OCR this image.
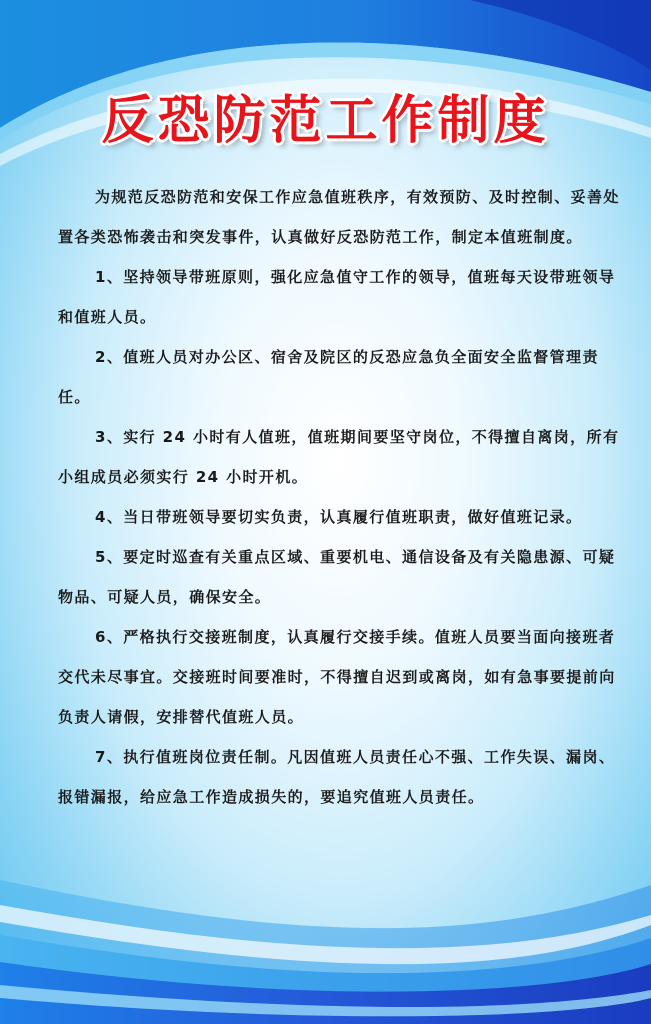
反恐防范工作制度

为规范反恐防范和安保工作应急值班秩序，有效预防、及时控制、妥善处置各类恐怖袭击和突发事件，认真做好反恐防范工作，制定本值班制度。

1、坚持领导带班原则，强化应急值守工作的领导，值班每天设带班领导和值班人员。

2、值班人员对办公区、宿舍及院区的反恐应急负全面安全监督管理责任。

3、实行 24 小时有人值班，值班期间要坚守岗位，不得擅自离岗，所有小组成员必须实行 24 小时开机。

4、当日带班领导要切实负责，认真履行值班职责，做好值班记录。

5、要定时巡查有关重点区域、重要机电、通信设备及有关隐患源、可疑物品、可疑人员，确保安全。

6、严格执行交接班制度，认真履行交接手续。值班人员要当面向接班者交代未尽事宜。交接班时间要准时，不得擅自迟到或离岗，如有急事要提前向负责人请假，安排替代值班人员。

7、执行值班岗位责任制。凡因值班人员责任心不强、工作失误、漏岗、报错漏报，给应急工作造成损失的，要追究值班人员责任。
